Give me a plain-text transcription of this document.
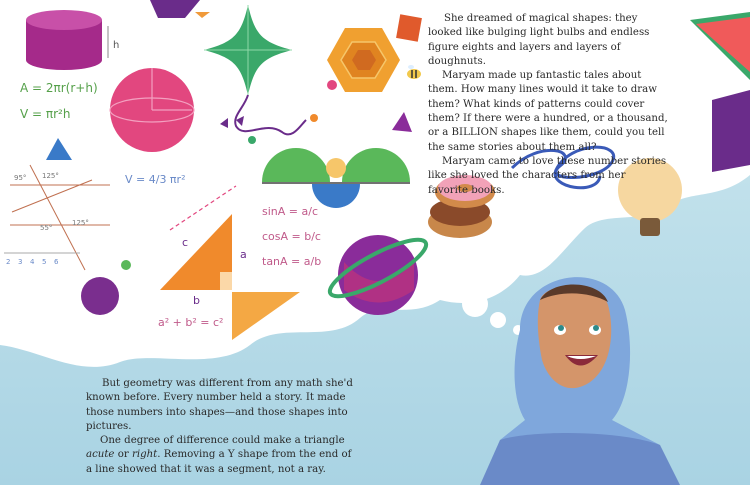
h
A = 2πr(r+h)
V = πr²h
95° 125°
55°
125°
2 3 4 5 6
V = 4/3 πr²
sinA = a/c
cosA = b/c
tanA = a/b
c
a
b
a² + b² = c²

She dreamed of magical shapes: they looked like bulging light bulbs and endless figure eights and layers and layers of doughnuts.

Maryam made up fantastic tales about them. How many lines would it take to draw them? What kinds of patterns could cover them? If there were a hundred, or a thousand, or a BILLION shapes like them, could you tell the same stories about them all?

Maryam came to love these number stories like she loved the characters from her favorite books.

But geometry was different from any math she'd known before. Every number held a story. It made those numbers into shapes—and those shapes into pictures.

One degree of difference could make a triangle acute or right. Removing a Y shape from the end of a line showed that it was a segment, not a ray.
